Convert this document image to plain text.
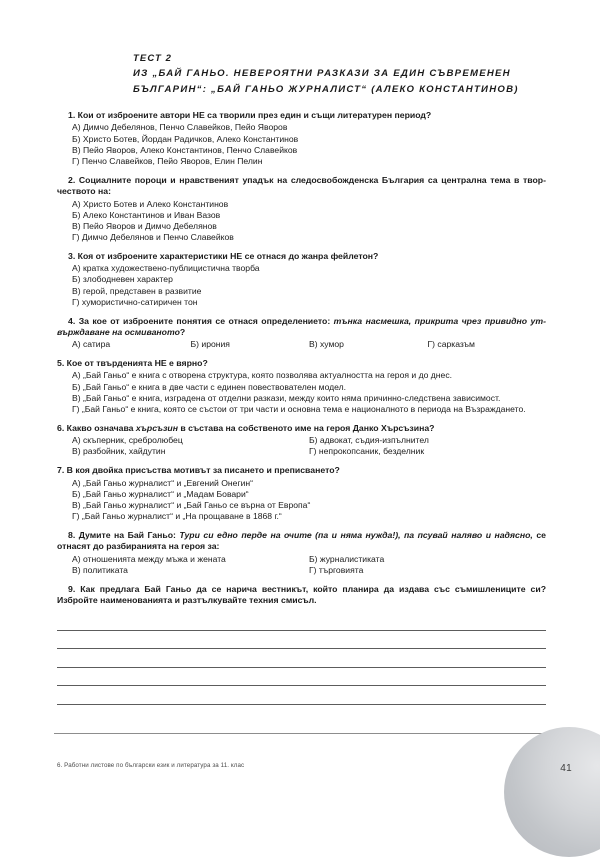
ТЕСТ 2

ИЗ „БАЙ ГАНЬО. НЕВЕРОЯТНИ РАЗКАЗИ ЗА ЕДИН СЪВРЕМЕНЕН

БЪЛГАРИН“: „БАЙ ГАНЬО ЖУРНАЛИСТ“ (АЛЕКО КОНСТАНТИНОВ)

1. Кои от изброените автори НЕ са творили през един и същи литературен период?

А) Димчо Дебелянов, Пенчо Славейков, Пейо Яворов

Б) Христо Ботев, Йордан Радичков, Алеко Константинов

В) Пейо Яворов, Алеко Константинов, Пенчо Славейков

Г) Пенчо Славейков, Пейо Яворов, Елин Пелин

2. Социалните пороци и нравственият упадък на следосвобожденска България са централна тема в твор-чеството на:

А) Христо Ботев и Алеко Константинов

Б) Алеко Константинов и Иван Вазов

В) Пейо Яворов и Димчо Дебелянов

Г) Димчо Дебелянов и Пенчо Славейков

3. Коя от изброените характеристики НЕ се отнася до жанра фейлетон?

А) кратка художествено-публицистична творба

Б) злободневен характер

В) герой, представен в развитие

Г) хумористично-сатиричен тон

4. За кое от изброените понятия се отнася определението: тънка насмешка, прикрита чрез привидно ут-върждаване на осмиваното?

А) сатира	Б) ирония	В) хумор	Г) сарказъм

5. Кое от твърденията НЕ е вярно?

А) „Бай Ганьо“ е книга с отворена структура, която позволява актуалността на героя и до днес.

Б) „Бай Ганьо“ е книга в две части с единен повествователен модел.

В) „Бай Ганьо“ е книга, изградена от отделни разкази, между които няма причинно-следствена зависимост.

Г) „Бай Ганьо“ е книга, която се състои от три части и основна тема е националното в периода на Възраждането.

6. Какво означава хърсъзин в състава на собственото име на героя Данко Хърсъзина?

А) скъперник, сребролюбец	Б) адвокат, съдия-изпълнител

В) разбойник, хайдутин	Г) непрокопсаник, безделник

7. В коя двойка присъства мотивът за писането и преписването?

А) „Бай Ганьо журналист“ и „Евгений Онегин“

Б) „Бай Ганьо журналист“ и „Мадам Бовари“

В) „Бай Ганьо журналист“ и „Бай Ганьо се върна от Европа“

Г) „Бай Ганьо журналист“ и „На прощаване в 1868 г.“

8. Думите на Бай Ганьо: Тури си едно перде на очите (па и няма нужда!), па псувай наляво и надясно, се отнасят до разбиранията на героя за:

А) отношенията между мъжа и жената	Б) журналистиката

В) политиката	Г) търговията

9. Как предлага Бай Ганьо да се нарича вестникът, който планира да издава със съмишлениците си? Избройте наименованията и разтълкувайте техния смисъл.

6. Работни листове по български език и литература за 11. клас	41
